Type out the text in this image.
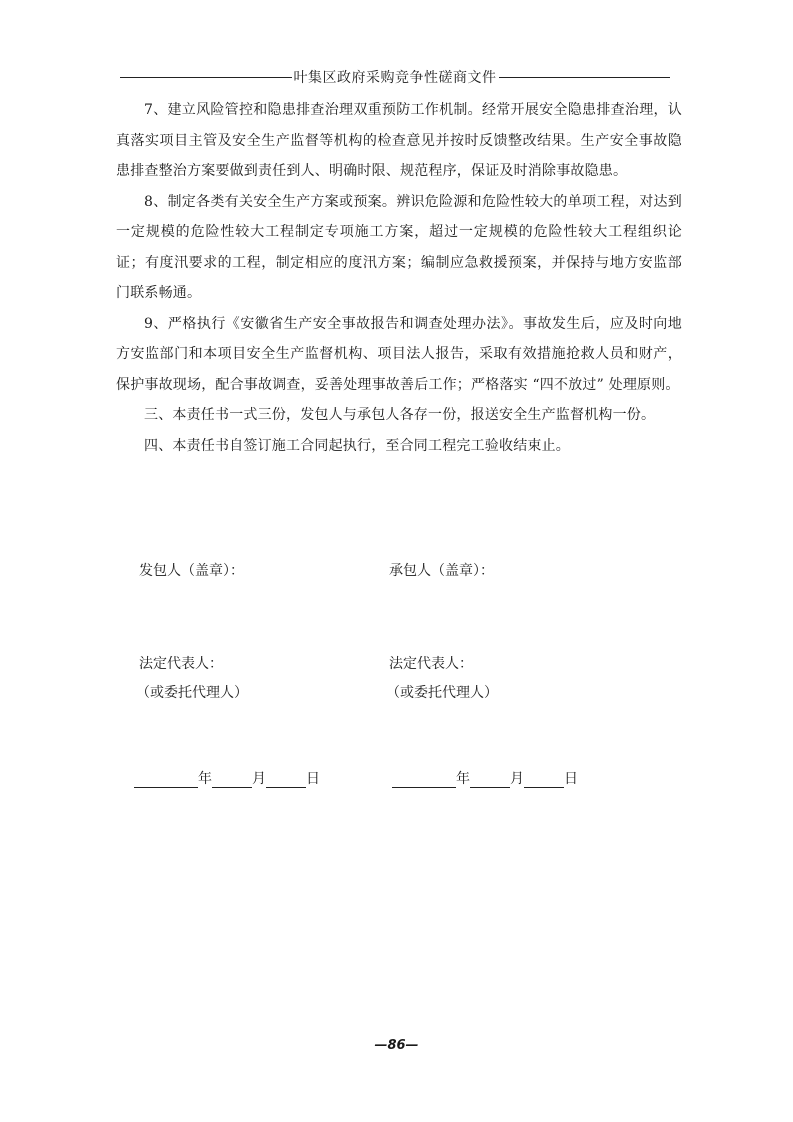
叶集区政府采购竞争性磋商文件

7、建立风险管控和隐患排查治理双重预防工作机制。经常开展安全隐患排查治理，认真落实项目主管及安全生产监督等机构的检查意见并按时反馈整改结果。生产安全事故隐患排查整治方案要做到责任到人、明确时限、规范程序，保证及时消除事故隐患。

8、制定各类有关安全生产方案或预案。辨识危险源和危险性较大的单项工程，对达到一定规模的危险性较大工程制定专项施工方案，超过一定规模的危险性较大工程组织论证；有度汛要求的工程，制定相应的度汛方案；编制应急救援预案，并保持与地方安监部门联系畅通。

9、严格执行《安徽省生产安全事故报告和调查处理办法》。事故发生后，应及时向地方安监部门和本项目安全生产监督机构、项目法人报告，采取有效措施抢救人员和财产，保护事故现场，配合事故调查，妥善处理事故善后工作；严格落实 “四不放过” 处理原则。

三、本责任书一式三份，发包人与承包人各存一份，报送安全生产监督机构一份。

四、本责任书自签订施工合同起执行，至合同工程完工验收结束止。

发包人（盖章）：	承包人（盖章）：
法定代表人：	法定代表人：
（或委托代理人）	（或委托代理人）
年	月	日	年	月	日
—86—
